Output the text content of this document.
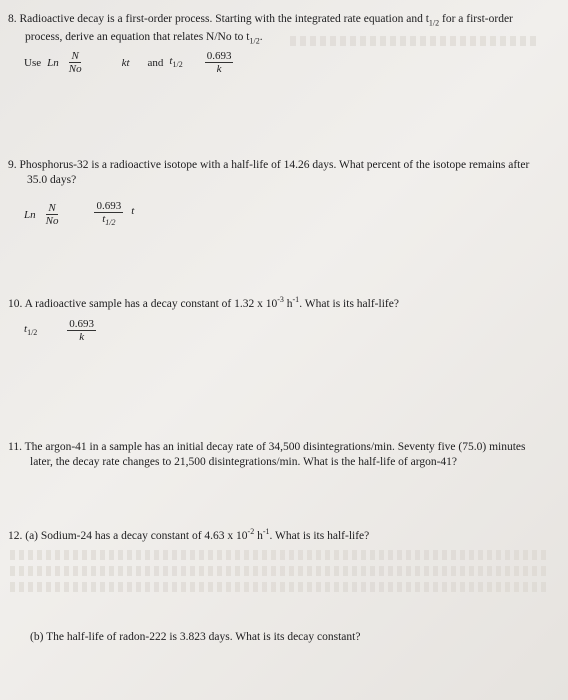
8. Radioactive decay is a first-order process. Starting with the integrated rate equation and $t_{1/2}$ for a first-order
process, derive an equation that relates N/No to $t_{1/2}$.
Use Ln $\frac{N}{No}$	kt and $t_{1/2} \frac{0.693}{k}$
9. Phosphorus-32 is a radioactive isotope with a half-life of 14.26 days. What percent of the isotope remains after
35.0 days?
Ln $\frac{N}{No}$	$\frac{0.693}{t_{1/2}}$ t
10. A radioactive sample has a decay constant of 1.32 x $10^{-3}$ $h^{-1}$. What is its half-life?
$t_{1/2}$	$\frac{0.693}{k}$
11. The argon-41 in a sample has an initial decay rate of 34,500 disintegrations/min. Seventy five (75.0) minutes
later, the decay rate changes to 21,500 disintegrations/min. What is the half-life of argon-41?
12. (a) Sodium-24 has a decay constant of 4.63 x $10^{-2}$ $h^{-1}$. What is its half-life?
(b) The half-life of radon-222 is 3.823 days. What is its decay constant?
